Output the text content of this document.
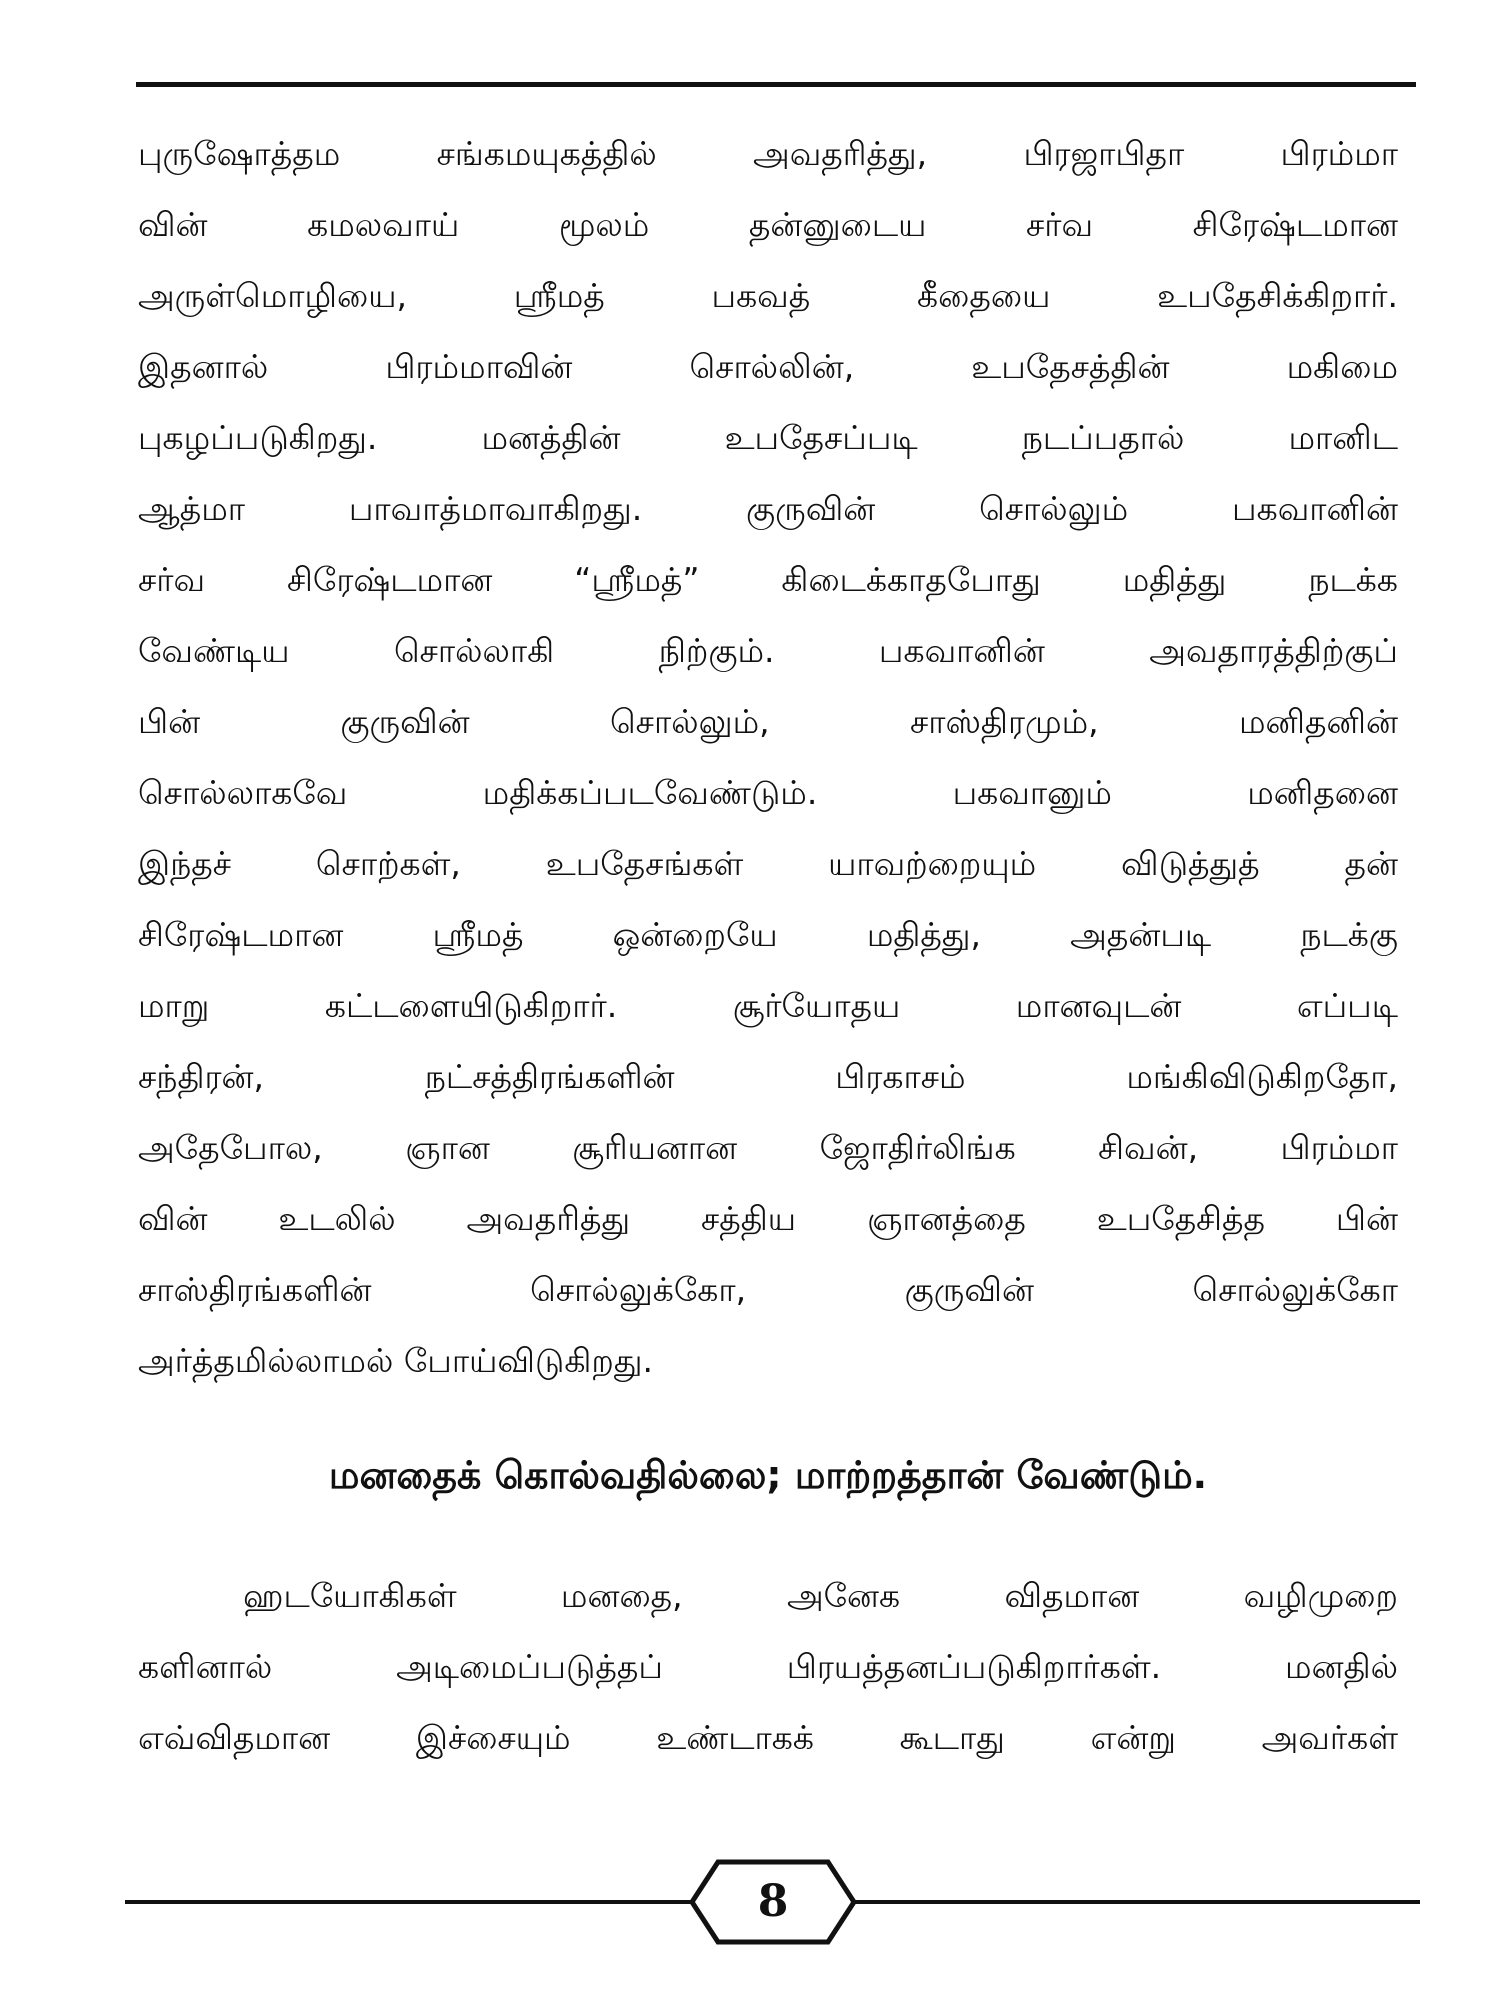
புருஷோத்தம சங்கமயுகத்தில் அவதரித்து, பிரஜாபிதா பிரம்மா
வின் கமலவாய் மூலம் தன்னுடைய சர்வ சிரேஷ்டமான
அருள்மொழியை, ஸ்ரீமத் பகவத் கீதையை உபதேசிக்கிறார்.
இதனால் பிரம்மாவின் சொல்லின், உபதேசத்தின் மகிமை
புகழப்படுகிறது. மனத்தின் உபதேசப்படி நடப்பதால் மானிட
ஆத்மா பாவாத்மாவாகிறது. குருவின் சொல்லும் பகவானின்
சர்வ சிரேஷ்டமான “ஸ்ரீமத்” கிடைக்காதபோது மதித்து நடக்க
வேண்டிய சொல்லாகி நிற்கும். பகவானின் அவதாரத்திற்குப்
பின் குருவின் சொல்லும், சாஸ்திரமும், மனிதனின்
சொல்லாகவே மதிக்கப்படவேண்டும். பகவானும் மனிதனை
இந்தச் சொற்கள், உபதேசங்கள் யாவற்றையும் விடுத்துத் தன்
சிரேஷ்டமான ஸ்ரீமத் ஒன்றையே மதித்து, அதன்படி நடக்கு
மாறு கட்டளையிடுகிறார். சூர்யோதய மானவுடன் எப்படி
சந்திரன், நட்சத்திரங்களின் பிரகாசம் மங்கிவிடுகிறதோ,
அதேபோல, ஞான சூரியனான ஜோதிர்லிங்க சிவன், பிரம்மா
வின் உடலில் அவதரித்து சத்திய ஞானத்தை உபதேசித்த பின்
சாஸ்திரங்களின் சொல்லுக்கோ, குருவின் சொல்லுக்கோ
அர்த்தமில்லாமல் போய்விடுகிறது.
மனதைக் கொல்வதில்லை; மாற்றத்தான் வேண்டும்.
ஹடயோகிகள் மனதை, அனேக விதமான வழிமுறை
களினால் அடிமைப்படுத்தப் பிரயத்தனப்படுகிறார்கள். மனதில்
எவ்விதமான இச்சையும் உண்டாகக் கூடாது என்று அவர்கள்
8
